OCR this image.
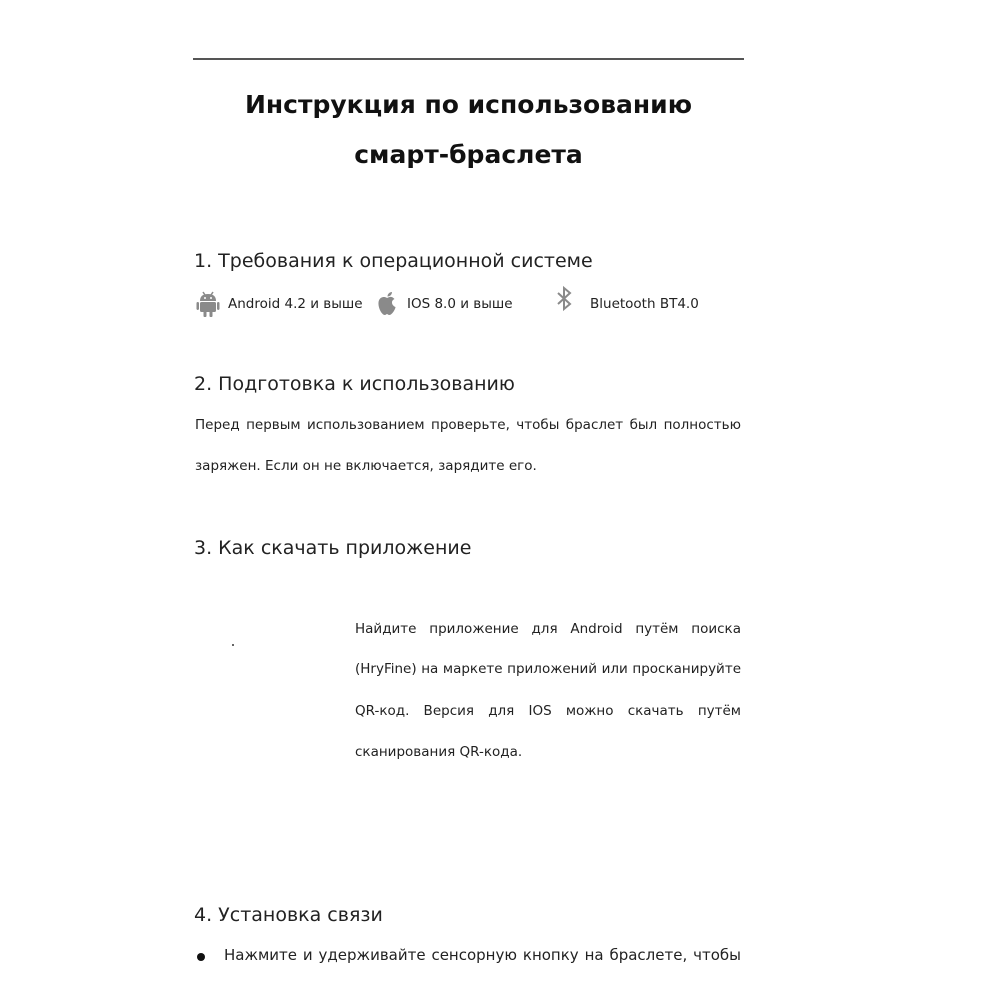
Инструкция по использованию
смарт-браслета
1. Требования к операционной системе
Android 4.2 и выше	IOS 8.0 и выше	Bluetooth BT4.0
2. Подготовка к использованию
Перед первым использованием проверьте, чтобы браслет был полностью
заряжен. Если он не включается, зарядите его.
3. Как скачать приложение
Найдите приложение для Android путём поиска
(HryFine) на маркете приложений или просканируйте
QR-код. Версия для IOS можно скачать путём
сканирования QR-кода.
4. Установка связи
Нажмите и удерживайте сенсорную кнопку на браслете, чтобы
